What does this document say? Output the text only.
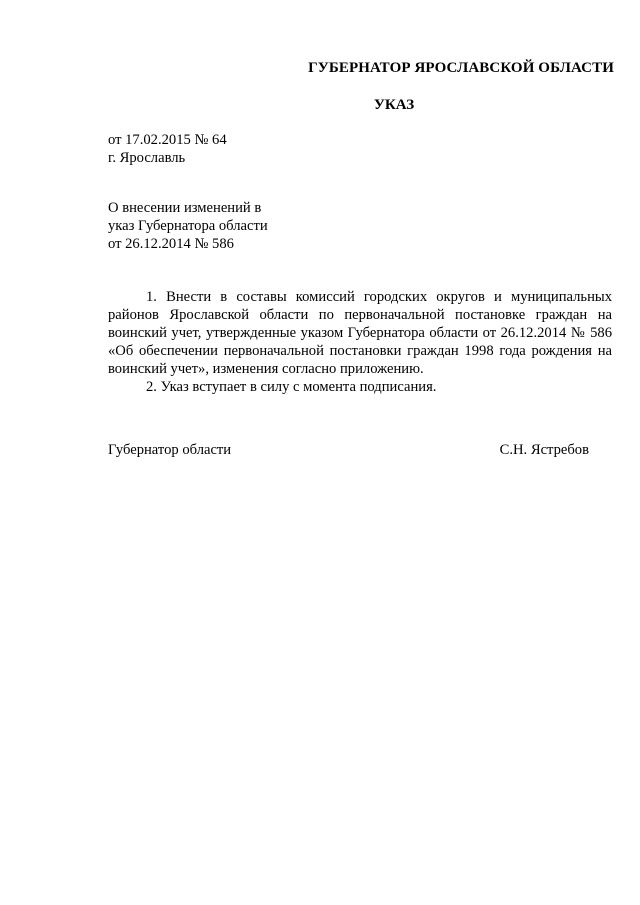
ГУБЕРНАТОР ЯРОСЛАВСКОЙ ОБЛАСТИ
УКАЗ
от 17.02.2015 № 64
г. Ярославль
О внесении изменений в
указ Губернатора области
от 26.12.2014 № 586

1. Внести в составы комиссий городских округов и муниципальных районов Ярославской области по первоначальной постановке граждан на воинский учет, утвержденные указом Губернатора области от 26.12.2014 № 586 «Об обеспечении первоначальной постановки граждан 1998 года рождения на воинский учет», изменения согласно приложению.

2. Указ вступает в силу с момента подписания.

Губернатор области	С.Н. Ястребов
